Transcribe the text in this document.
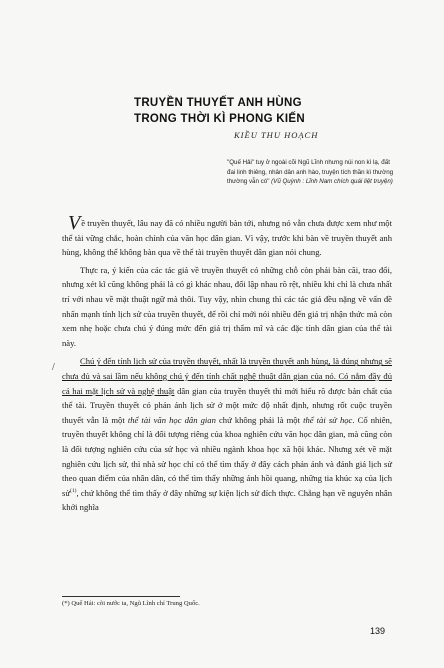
TRUYỀN THUYẾT ANH HÙNG
TRONG THỜI KÌ PHONG KIẾN
KIỀU THU HOẠCH
"Quế Hải" tuy ở ngoài cõi Ngũ Lĩnh nhưng núi non kì lạ, đất đai linh thiêng, nhân dân anh hào, truyện tích thần kì thường thường vẫn có" (Vũ Quỳnh : Lĩnh Nam chích quái liệt truyện)
/

Về truyền thuyết, lâu nay đã có nhiều người bàn tới, nhưng nó vẫn chưa được xem như một thể tài vững chắc, hoàn chỉnh của văn học dân gian. Vì vậy, trước khi bàn về truyền thuyết anh hùng, không thể không bàn qua về thể tài truyền thuyết dân gian nói chung.

Thực ra, ý kiến của các tác giả về truyền thuyết có những chỗ còn phải bàn cãi, trao đổi, nhưng xét kĩ cũng không phải là có gì khác nhau, đối lập nhau rõ rệt, nhiều khi chỉ là chưa nhất trí với nhau về mặt thuật ngữ mà thôi. Tuy vậy, nhìn chung thì các tác giả đều nặng về vấn đề nhấn mạnh tính lịch sử của truyền thuyết, để rồi chỉ mới nói nhiều đến giá trị nhận thức mà còn xem nhẹ hoặc chưa chú ý đúng mức đến giá trị thẩm mĩ và các đặc tính dân gian của thể tài này.

Chú ý đến tính lịch sử của truyền thuyết, nhất là truyền thuyết anh hùng, là đúng nhưng sẽ chưa đủ và sai lầm nếu không chú ý đến tính chất nghệ thuật dân gian của nó. Có nắm đầy đủ cả hai mặt lịch sử và nghệ thuật dân gian của truyền thuyết thì mới hiểu rõ được bản chất của thể tài. Truyền thuyết có phản ánh lịch sử ở một mức độ nhất định, nhưng rốt cuộc truyền thuyết vẫn là một thể tài văn học dân gian chứ không phải là một thể tài sử học. Cố nhiên, truyền thuyết không chỉ là đối tượng riêng của khoa nghiên cứu văn học dân gian, mà cũng còn là đối tượng nghiên cứu của sử học và nhiều ngành khoa học xã hội khác. Nhưng xét về mặt nghiên cứu lịch sử, thì nhà sử học chỉ có thể tìm thấy ở đây cách phản ánh và đánh giá lịch sử theo quan điểm của nhân dân, có thể tìm thấy những ánh hồi quang, những tia khúc xạ của lịch sử$^{(1)}$, chứ không thể tìm thấy ở đây những sự kiện lịch sử đích thực. Chẳng hạn về nguyên nhân khởi nghĩa

(*) Quế Hải: cõi nước ta, Ngũ Lĩnh chỉ Trung Quốc.
139
